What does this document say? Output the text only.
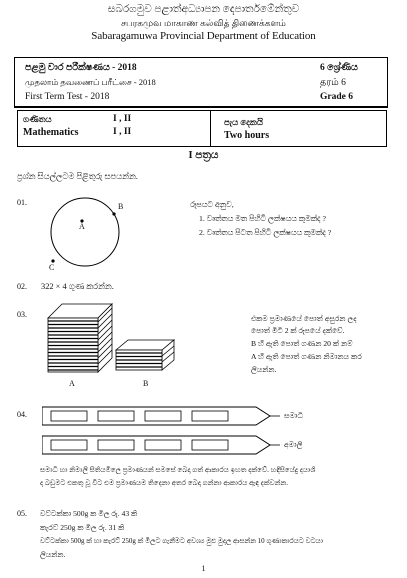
සබරගමුව පළාත්අධ්‍යාපන දෙපාර්තමේන්තුව
சபரகமுவ மாகாண கல்வித் திணைக்களம்
Sabaragamuwa Provincial Department of Education
පළමු වාර පරීක්ෂණය - 2018	6 ශ්‍රේණිය
முதலாம் தவணைப் பரீட்சை - 2018	தரம் 6
First Term Test - 2018	Grade 6
ගණිතය	I , II
Mathematics	I , II
පැය දෙකයි
Two hours
I පත්‍රය
ප්‍රශ්න සියල්ලටම පිළිතුරු සපයන්න.
01.
A
B
C
රූපයට අනුව,
1. වෘත්තය මත පිහිටි ලක්ෂයය කුමක්ද ?
2. වෘත්තය පිටත පිහිටි ලක්ෂයය කුමක්ද ?
02. 322 × 4 ගුණ කරන්න.
03.
A	B
එකම ප්‍රමාණයේ පොත් අසුරන ලද
පොත් මිටි 2 ක් රූපයේ දක්වේ.
B හි ඇති පොත් ගණන 20 ක් නම්
A හි ඇති පොත් ගණන නිමානය කර
ලියන්න.
04.	සමාධි
අමාලි
සමාධි හා නිමාලි සිතියමිලෙ ප්‍රමාණයන් සමසේ බෙදා ගත් ආකාරය ඉහත දක්වේ. හඳිසියේදු දයාශි
ද බඩුමට එකතු වූ විට එම ප්‍රමාණයම තිදෙනා අතර බෙදා ගන්නා ආකාරය ඇඳ දක්වන්න.
05. වට්ටක්කා 500g ක මිල රු. 43 කි
කැරට් 250g ක මිල රු. 31 කි
වට්ටක්කා 500g ක් හා කැරට් 250g ක් මිලට ගැනීමට අවශ්‍ය මුළු මුදල ආසන්න 10 ගුණාකාරයට වටයා
ලියන්න.
1
